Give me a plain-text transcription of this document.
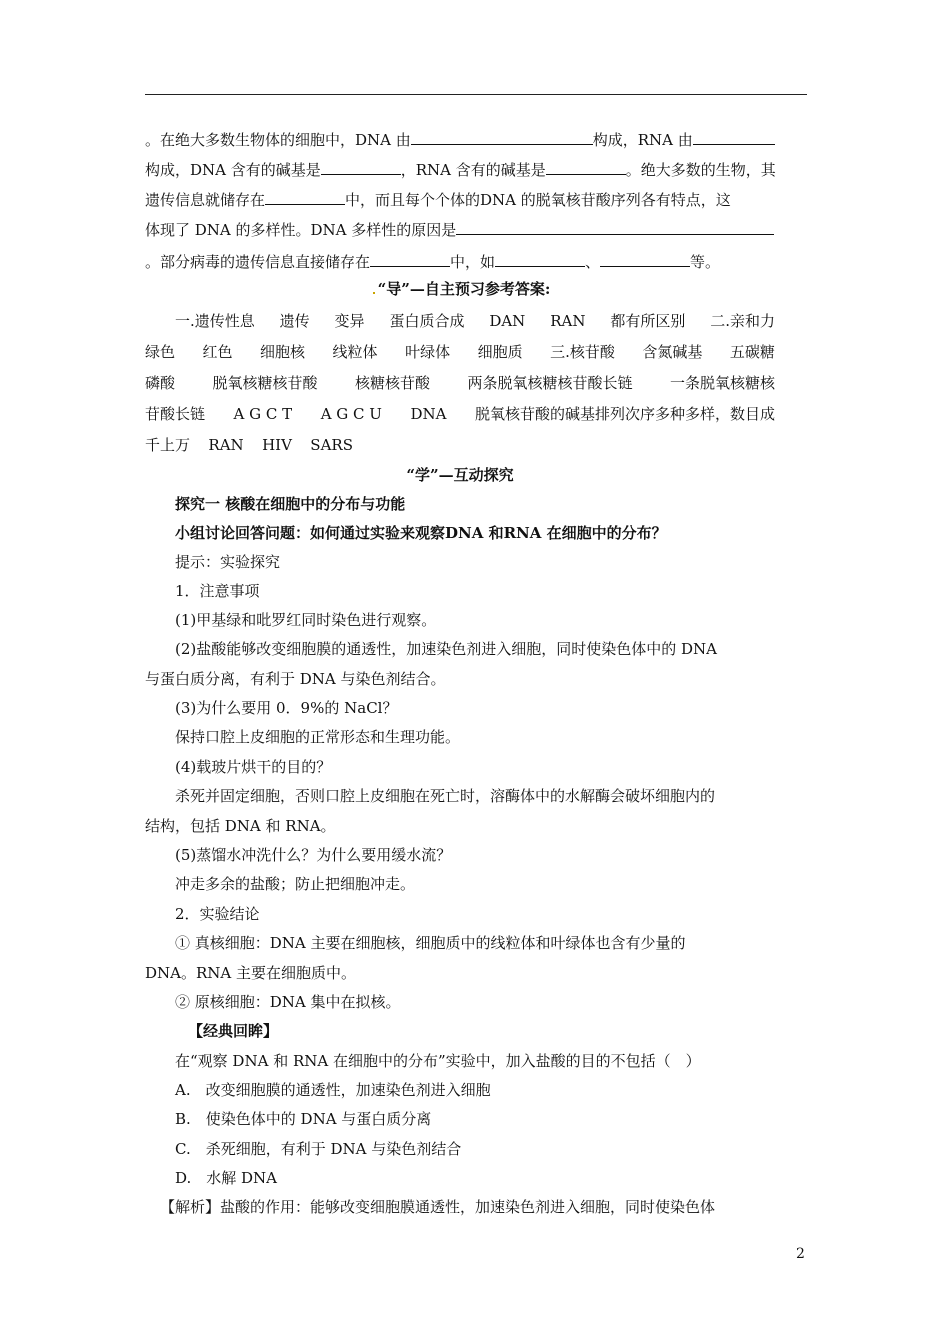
。在绝大多数生物体的细胞中，DNA 由	构成，RNA 由
构成，DNA 含有的碱基是	，RNA 含有的碱基是	。绝大多数的生物，其
遗传信息就储存在	中，而且每个个体的DNA 的脱氧核苷酸序列各有特点，这
体现了 DNA 的多样性。DNA 多样性的原因是
。部分病毒的遗传信息直接储存在	中，如	、	等。
“导”—自主预习参考答案:
一.遗传性息 遗传 变异 蛋白质合成 DAN RAN 都有所区别 二.亲和力
绿色 红色 细胞核 线粒体 叶绿体 细胞质 三.核苷酸 含氮碱基 五碳糖
磷酸 脱氧核糖核苷酸 核糖核苷酸 两条脱氧核糖核苷酸长链 一条脱氧核糖核
苷酸长链 A G C T A G C U DNA 脱氧核苷酸的碱基排列次序多种多样，数目成
千上万 RAN HIV SARS
“学”—互动探究
探究一 核酸在细胞中的分布与功能
小组讨论回答问题：如何通过实验来观察DNA 和RNA 在细胞中的分布？
提示：实验探究
1．注意事项
(1)甲基绿和吡罗红同时染色进行观察。
(2)盐酸能够改变细胞膜的通透性，加速染色剂进入细胞，同时使染色体中的 DNA
与蛋白质分离，有利于 DNA 与染色剂结合。
(3)为什么要用 0．9%的 NaCl？
保持口腔上皮细胞的正常形态和生理功能。
(4)载玻片烘干的目的？
杀死并固定细胞，否则口腔上皮细胞在死亡时，溶酶体中的水解酶会破坏细胞内的
结构，包括 DNA 和 RNA。
(5)蒸馏水冲洗什么？为什么要用缓水流？
冲走多余的盐酸；防止把细胞冲走。
2．实验结论
① 真核细胞：DNA 主要在细胞核，细胞质中的线粒体和叶绿体也含有少量的
DNA。RNA 主要在细胞质中。
② 原核细胞：DNA 集中在拟核。
【经典回眸】
在“观察 DNA 和 RNA 在细胞中的分布”实验中，加入盐酸的目的不包括（　）
A.　改变细胞膜的通透性，加速染色剂进入细胞
B.　使染色体中的 DNA 与蛋白质分离
C.　杀死细胞，有利于 DNA 与染色剂结合
D.　水解 DNA
【解析】盐酸的作用：能够改变细胞膜通透性，加速染色剂进入细胞，同时使染色体
2
